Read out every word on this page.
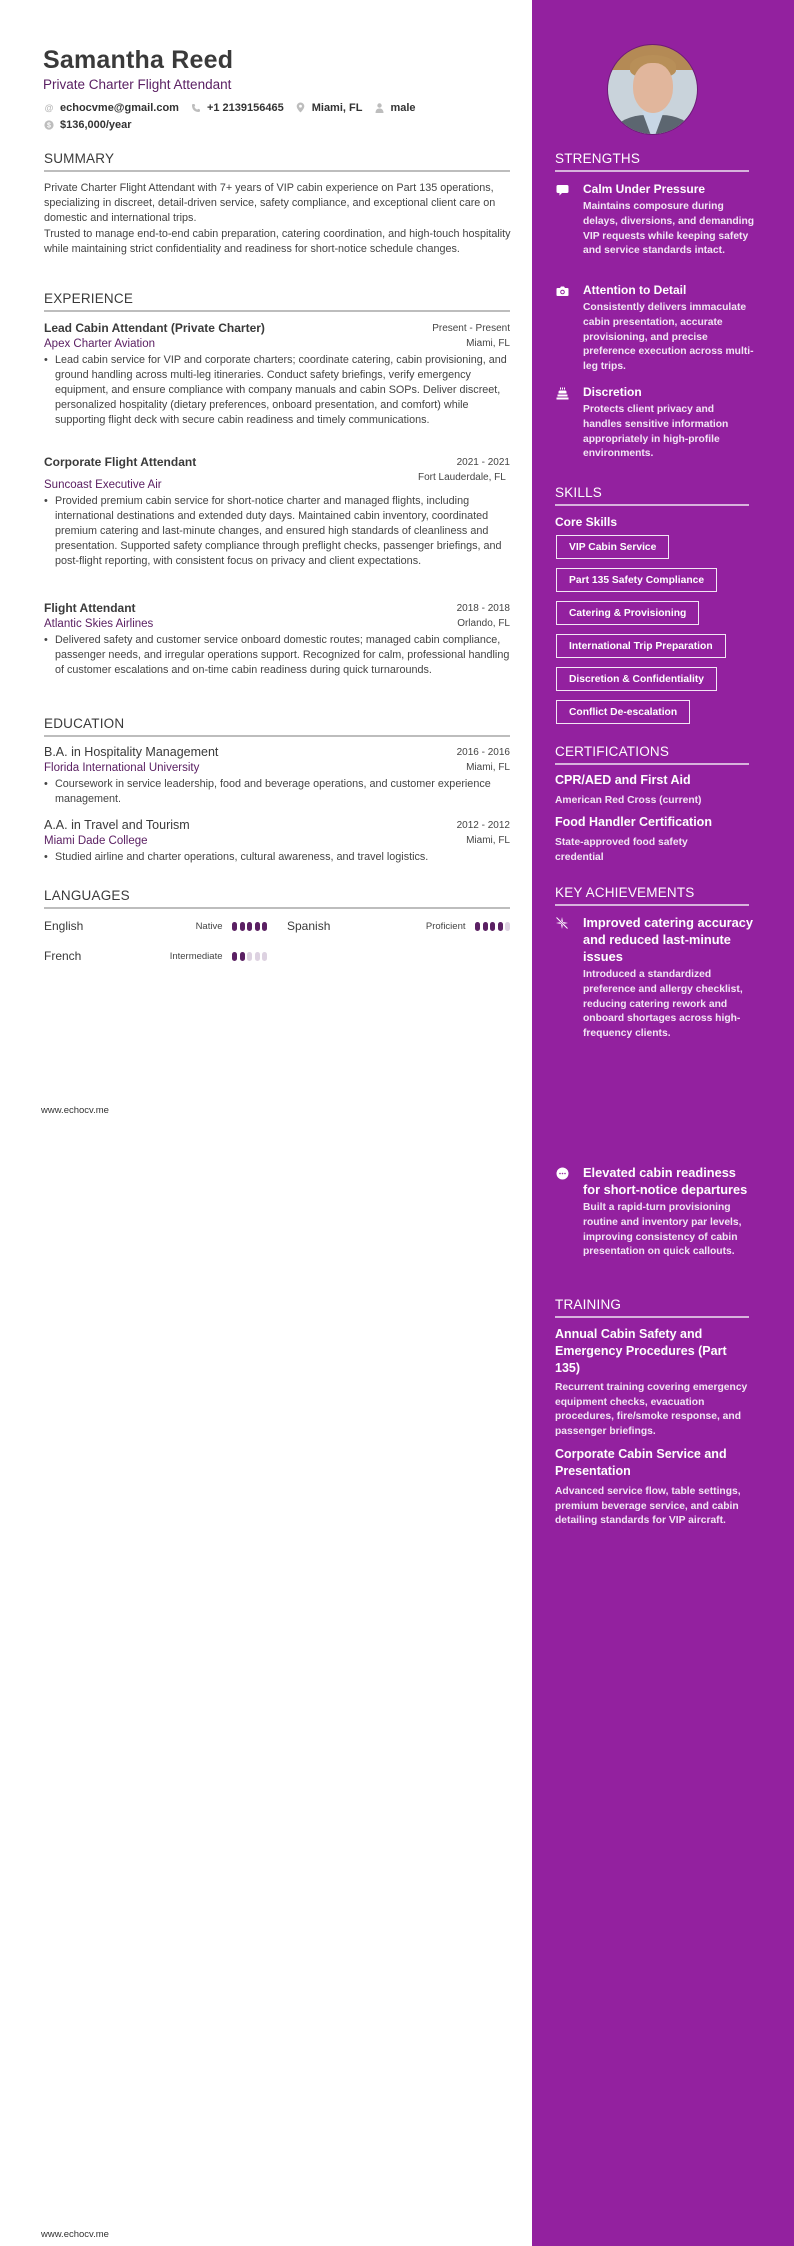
Samantha Reed
Private Charter Flight Attendant
@ echocvme@gmail.com	+1 2139156465	Miami, FL	male
$ $136,000/year
SUMMARY

Private Charter Flight Attendant with 7+ years of VIP cabin experience on Part 135 operations, specializing in discreet, detail-driven service, safety compliance, and exceptional client care on domestic and international trips.

Trusted to manage end-to-end cabin preparation, catering coordination, and high-touch hospitality while maintaining strict confidentiality and readiness for short-notice schedule changes.

EXPERIENCE
Lead Cabin Attendant (Private Charter)	Present - Present
Apex Charter Aviation	Miami, FL
• Lead cabin service for VIP and corporate charters; coordinate catering, cabin provisioning, and ground handling across multi-leg itineraries. Conduct safety briefings, verify emergency equipment, and ensure compliance with company manuals and cabin SOPs. Deliver discreet, personalized hospitality (dietary preferences, onboard presentation, and comfort) while supporting flight deck with secure cabin readiness and timely communications.
Corporate Flight Attendant	2021 - 2021
Suncoast Executive Air
Fort Lauderdale, FL
• Provided premium cabin service for short-notice charter and managed flights, including international destinations and extended duty days. Maintained cabin inventory, coordinated premium catering and last-minute changes, and ensured high standards of cleanliness and presentation. Supported safety compliance through preflight checks, passenger briefings, and post-flight reporting, with consistent focus on privacy and client expectations.
Flight Attendant	2018 - 2018
Atlantic Skies Airlines	Orlando, FL
• Delivered safety and customer service onboard domestic routes; managed cabin compliance, passenger needs, and irregular operations support. Recognized for calm, professional handling of customer escalations and on-time cabin readiness during quick turnarounds.
EDUCATION
B.A. in Hospitality Management	2016 - 2016
Florida International University	Miami, FL
• Coursework in service leadership, food and beverage operations, and customer experience management.
A.A. in Travel and Tourism	2012 - 2012
Miami Dade College	Miami, FL
• Studied airline and charter operations, cultural awareness, and travel logistics.
LANGUAGES
English	Native	Spanish	Proficient
French	Intermediate
www.echocv.me
www.echocv.me
STRENGTHS
Calm Under Pressure
Maintains composure during delays, diversions, and demanding VIP requests while keeping safety and service standards intact.
Attention to Detail
Consistently delivers immaculate cabin presentation, accurate provisioning, and precise preference execution across multi-leg trips.
Discretion
Protects client privacy and handles sensitive information appropriately in high-profile environments.
SKILLS
Core Skills
VIP Cabin Service
Part 135 Safety Compliance
Catering & Provisioning
International Trip Preparation
Discretion & Confidentiality
Conflict De-escalation
CERTIFICATIONS
CPR/AED and First Aid
American Red Cross (current)
Food Handler Certification
State-approved food safety credential
KEY ACHIEVEMENTS
Improved catering accuracy and reduced last-minute issues
Introduced a standardized preference and allergy checklist, reducing catering rework and onboard shortages across high-frequency clients.
Elevated cabin readiness for short-notice departures
Built a rapid-turn provisioning routine and inventory par levels, improving consistency of cabin presentation on quick callouts.
TRAINING
Annual Cabin Safety and Emergency Procedures (Part 135)
Recurrent training covering emergency equipment checks, evacuation procedures, fire/smoke response, and passenger briefings.
Corporate Cabin Service and Presentation
Advanced service flow, table settings, premium beverage service, and cabin detailing standards for VIP aircraft.
